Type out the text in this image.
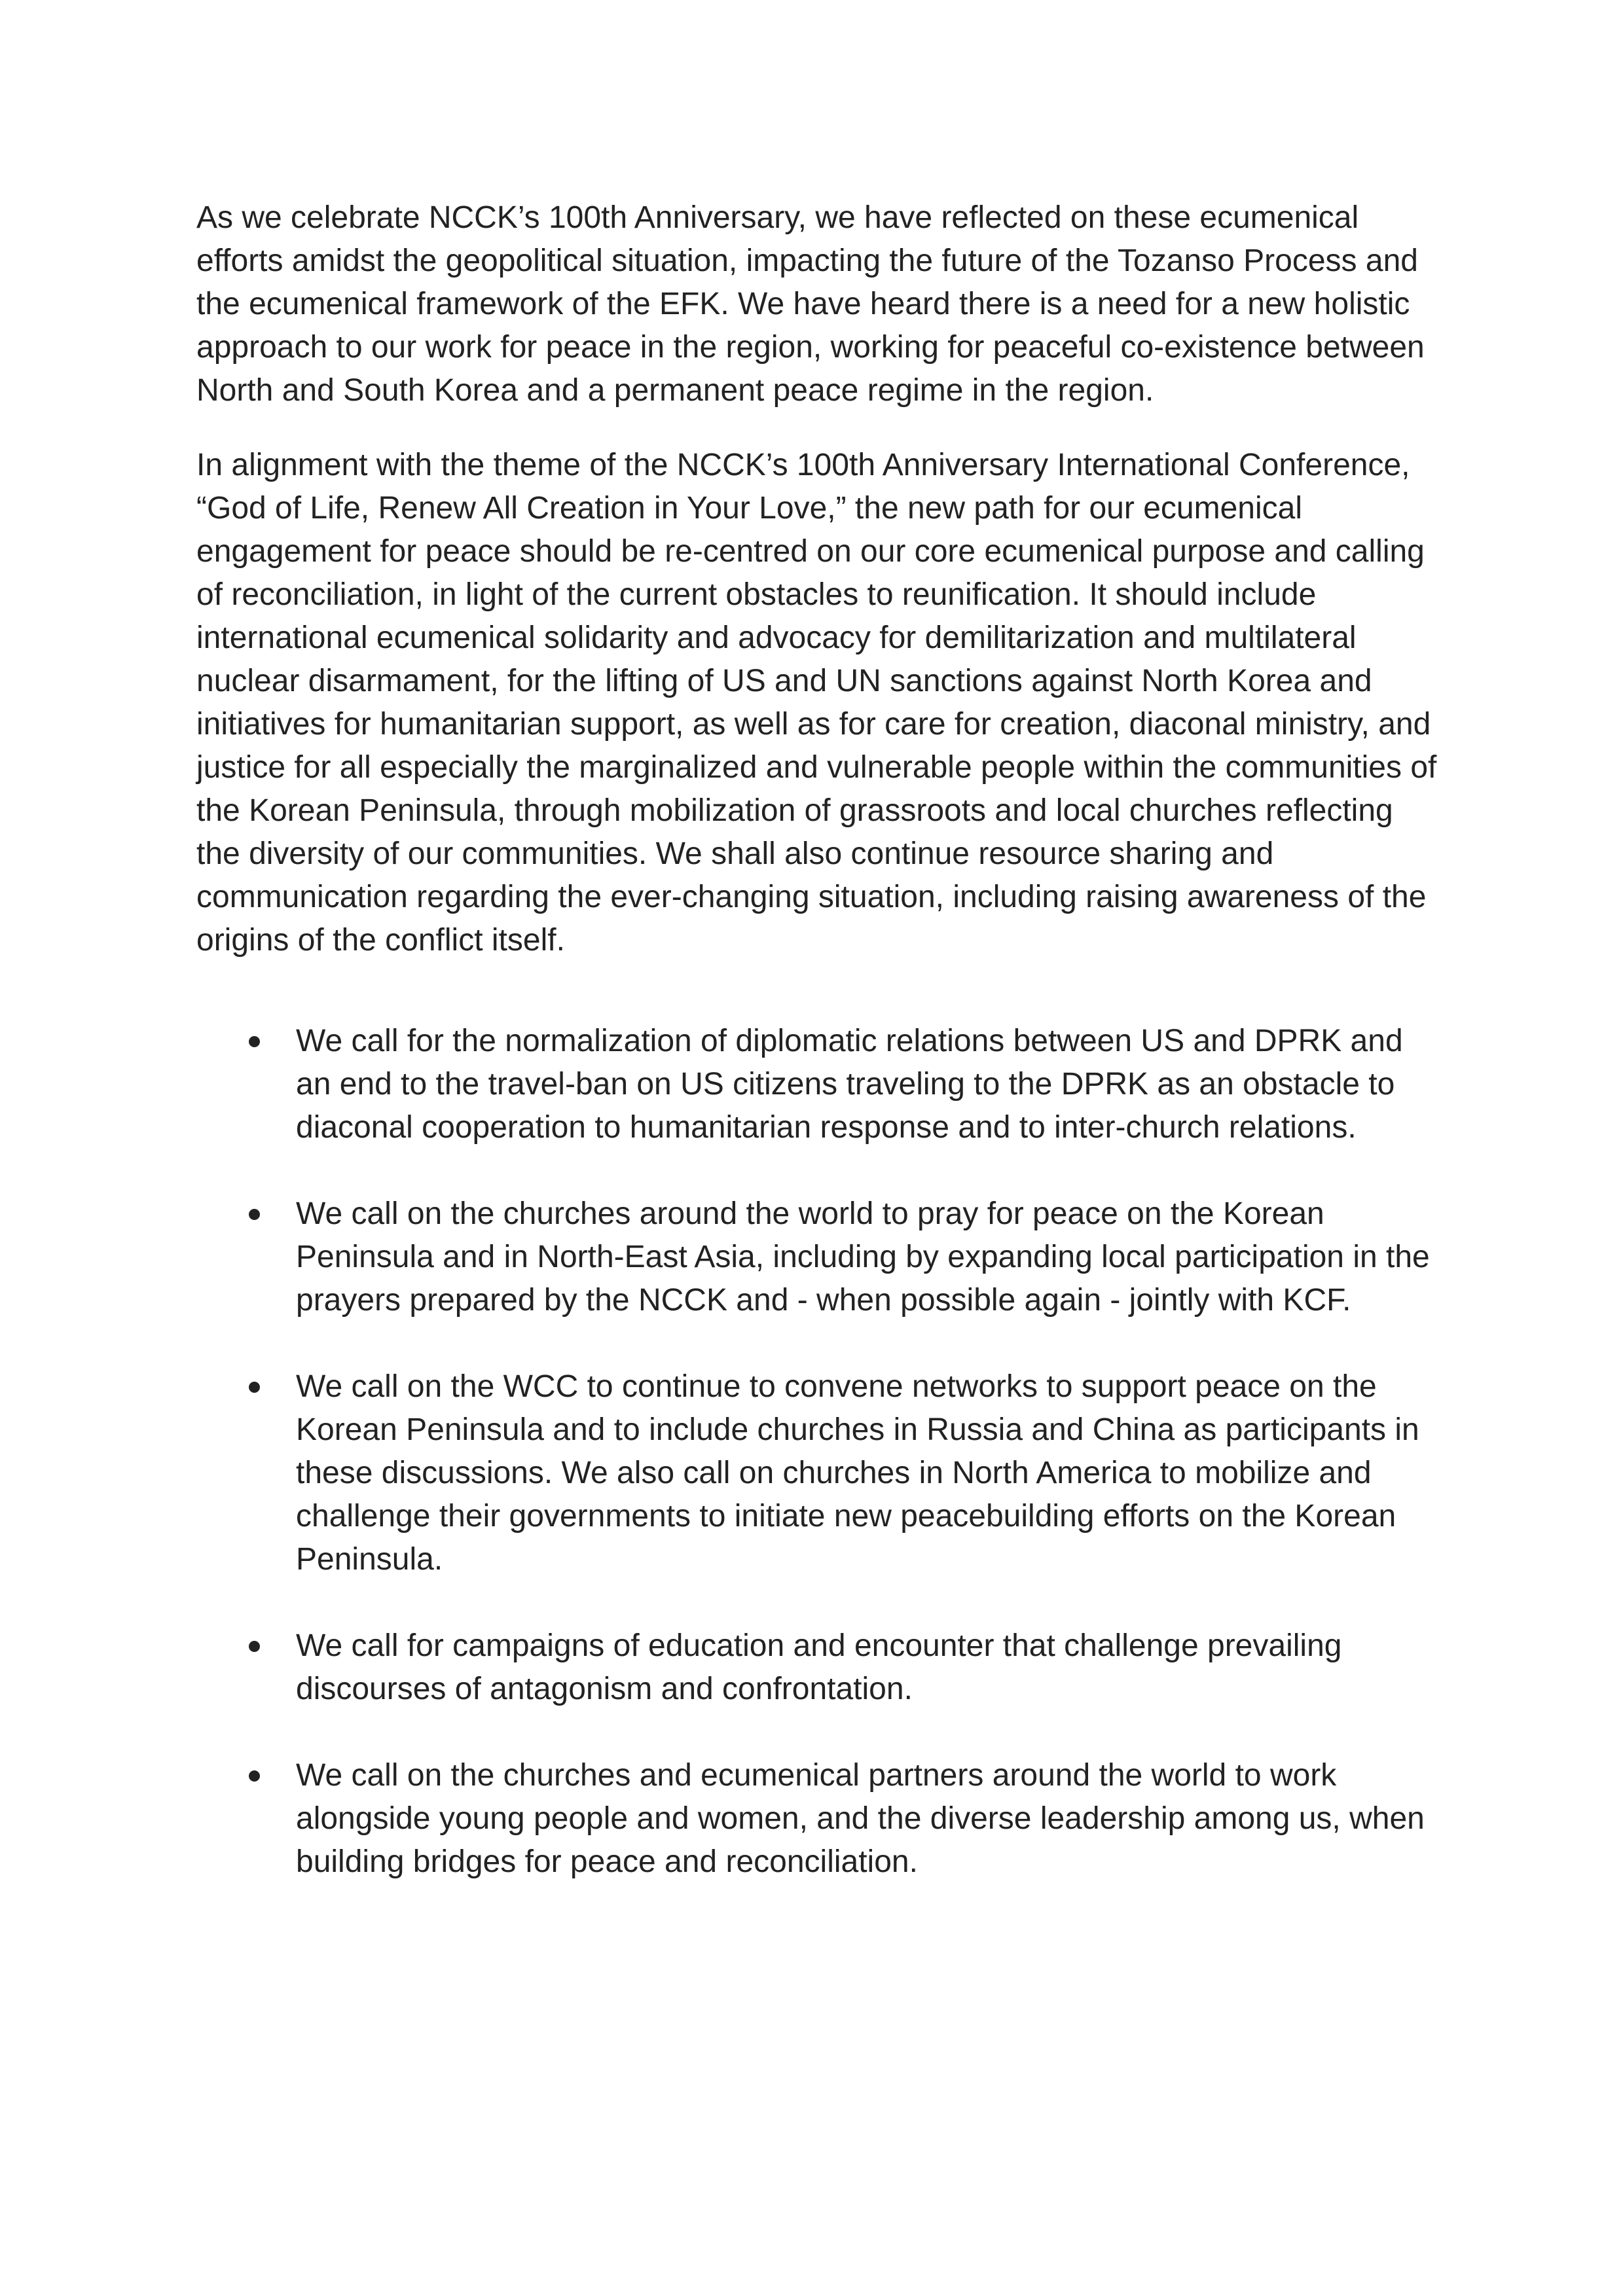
As we celebrate NCCK’s 100th Anniversary, we have reflected on these ecumenical efforts amidst the geopolitical situation, impacting the future of the Tozanso Process and the ecumenical framework of the EFK. We have heard there is a need for a new holistic approach to our work for peace in the region, working for peaceful co-existence between North and South Korea and a permanent peace regime in the region.

In alignment with the theme of the NCCK’s 100th Anniversary International Conference, “God of Life, Renew All Creation in Your Love,” the new path for our ecumenical engagement for peace should be re-centred on our core ecumenical purpose and calling of reconciliation, in light of the current obstacles to reunification. It should include international ecumenical solidarity and advocacy for demilitarization and multilateral nuclear disarmament, for the lifting of US and UN sanctions against North Korea and initiatives for humanitarian support, as well as for care for creation, diaconal ministry, and justice for all especially the marginalized and vulnerable people within the communities of the Korean Peninsula, through mobilization of grassroots and local churches reflecting the diversity of our communities. We shall also continue resource sharing and communication regarding the ever-changing situation, including raising awareness of the origins of the conflict itself.

We call for the normalization of diplomatic relations between US and DPRK and an end to the travel-ban on US citizens traveling to the DPRK as an obstacle to diaconal cooperation to humanitarian response and to inter-church relations.
We call on the churches around the world to pray for peace on the Korean Peninsula and in North-East Asia, including by expanding local participation in the prayers prepared by the NCCK and - when possible again - jointly with KCF.
We call on the WCC to continue to convene networks to support peace on the Korean Peninsula and to include churches in Russia and China as participants in these discussions. We also call on churches in North America to mobilize and challenge their governments to initiate new peacebuilding efforts on the Korean Peninsula.
We call for campaigns of education and encounter that challenge prevailing discourses of antagonism and confrontation.
We call on the churches and ecumenical partners around the world to work alongside young people and women, and the diverse leadership among us, when building bridges for peace and reconciliation.
